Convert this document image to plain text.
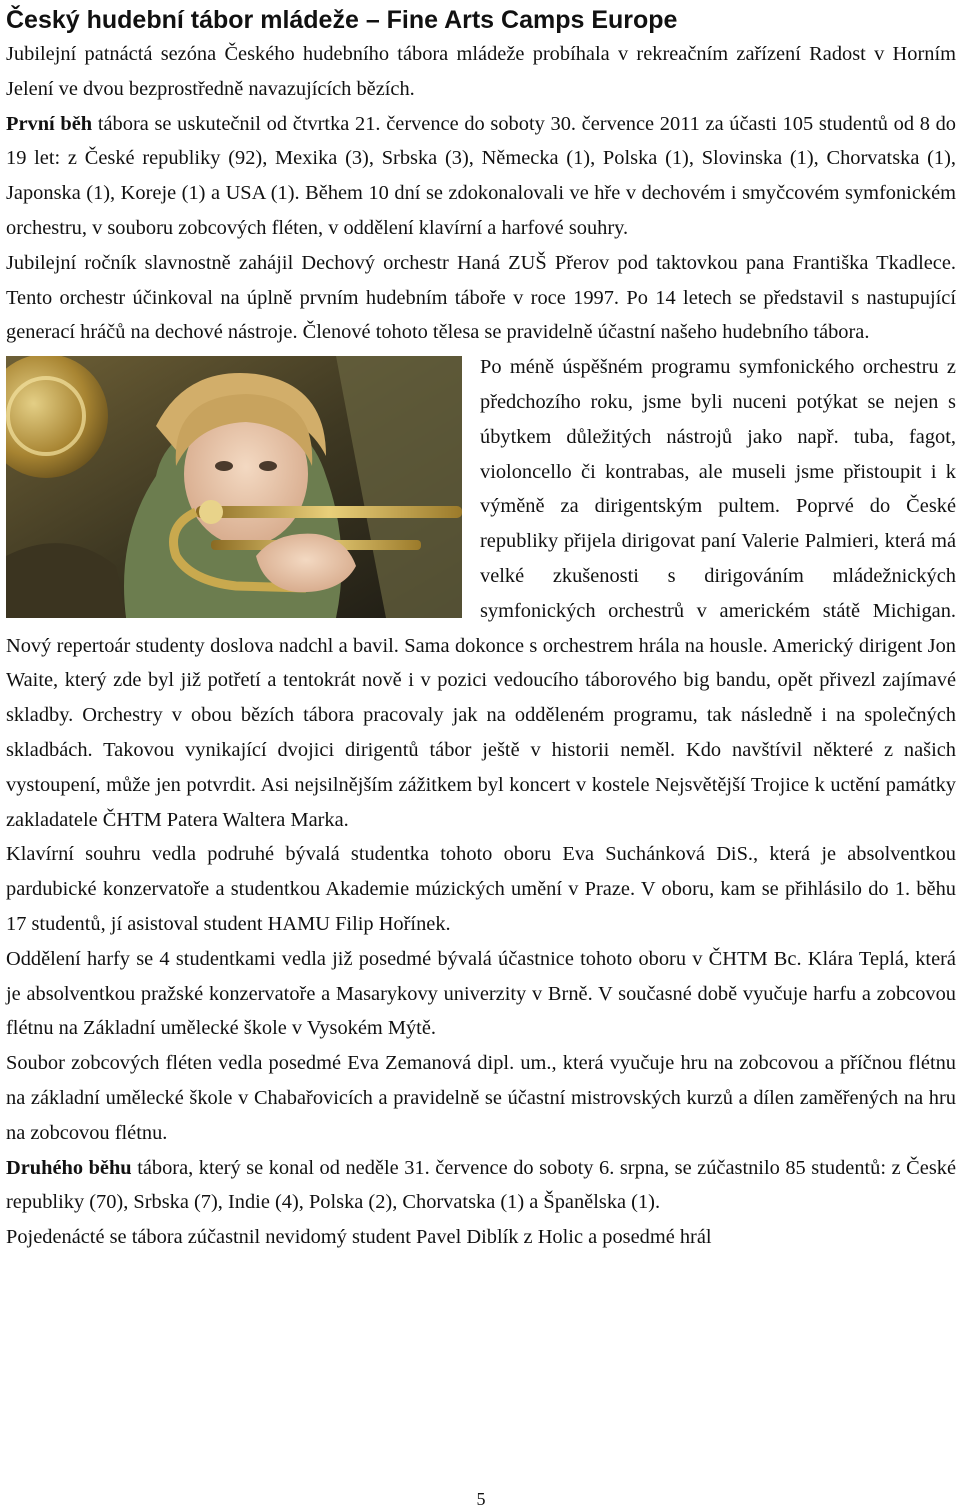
Český hudební tábor mládeže – Fine Arts Camps Europe

Jubilejní patnáctá sezóna Českého hudebního tábora mládeže probíhala v rekreačním zařízení Radost v Horním Jelení ve dvou bezprostředně navazujících bězích.

První běh tábora se uskutečnil od čtvrtka 21. července do soboty 30. července 2011 za účasti 105 studentů od 8 do 19 let: z České republiky (92), Mexika (3), Srbska (3), Německa (1), Polska (1), Slovinska (1), Chorvatska (1), Japonska (1), Koreje (1) a USA (1). Během 10 dní se zdokonalovali ve hře v dechovém i smyčcovém symfonickém orchestru, v souboru zobcových fléten, v oddělení klavírní a harfové souhry.

Jubilejní ročník slavnostně zahájil Dechový orchestr Haná ZUŠ Přerov pod taktovkou pana Františka Tkadlece. Tento orchestr účinkoval na úplně prvním hudebním táboře v roce 1997. Po 14 letech se představil s nastupující generací hráčů na dechové nástroje. Členové tohoto tělesa se pravidelně účastní našeho hudebního tábora.

Po méně úspěšném programu symfonického orchestru z předchozího roku, jsme byli nuceni potýkat se nejen s úbytkem důležitých nástrojů jako např. tuba, fagot, violoncello či kontrabas, ale museli jsme přistoupit i k výměně za dirigentským pultem. Poprvé do České republiky přijela dirigovat paní Valerie Palmieri, která má velké zkušenosti s dirigováním mládežnických symfonických orchestrů v americkém státě Michigan. Nový repertoár studenty doslova nadchl a bavil. Sama dokonce s orchestrem hrála na housle. Americký dirigent Jon Waite, který zde byl již potřetí a tentokrát nově i v pozici vedoucího táborového big bandu, opět přivezl zajímavé skladby. Orchestry v obou bězích tábora pracovaly jak na odděleném programu, tak následně i na společných skladbách. Takovou vynikající dvojici dirigentů tábor ještě v historii neměl. Kdo navštívil některé z našich vystoupení, může jen potvrdit. Asi nejsilnějším zážitkem byl koncert v kostele Nejsvětější Trojice k uctění památky zakladatele ČHTM Patera Waltera Marka.

Klavírní souhru vedla podruhé bývalá studentka tohoto oboru Eva Suchánková DiS., která je absolventkou pardubické konzervatoře a studentkou Akademie múzických umění v Praze. V oboru, kam se přihlásilo do 1. běhu 17 studentů, jí asistoval student HAMU Filip Hořínek.

Oddělení harfy se 4 studentkami vedla již posedmé bývalá účastnice tohoto oboru v ČHTM Bc. Klára Teplá, která je absolventkou pražské konzervatoře a Masarykovy univerzity v Brně. V současné době vyučuje harfu a zobcovou flétnu na Základní umělecké škole v Vysokém Mýtě.

Soubor zobcových fléten vedla posedmé Eva Zemanová dipl. um., která vyučuje hru na zobcovou a příčnou flétnu na základní umělecké škole v Chabařovicích a pravidelně se účastní mistrovských kurzů a dílen zaměřených na hru na zobcovou flétnu.

Druhého běhu tábora, který se konal od neděle 31. července do soboty 6. srpna, se zúčastnilo 85 studentů: z České republiky (70), Srbska (7), Indie (4), Polska (2), Chorvatska (1) a Španělska (1).

Pojedenácté se tábora zúčastnil nevidomý student Pavel Diblík z Holic a posedmé hrál

5
